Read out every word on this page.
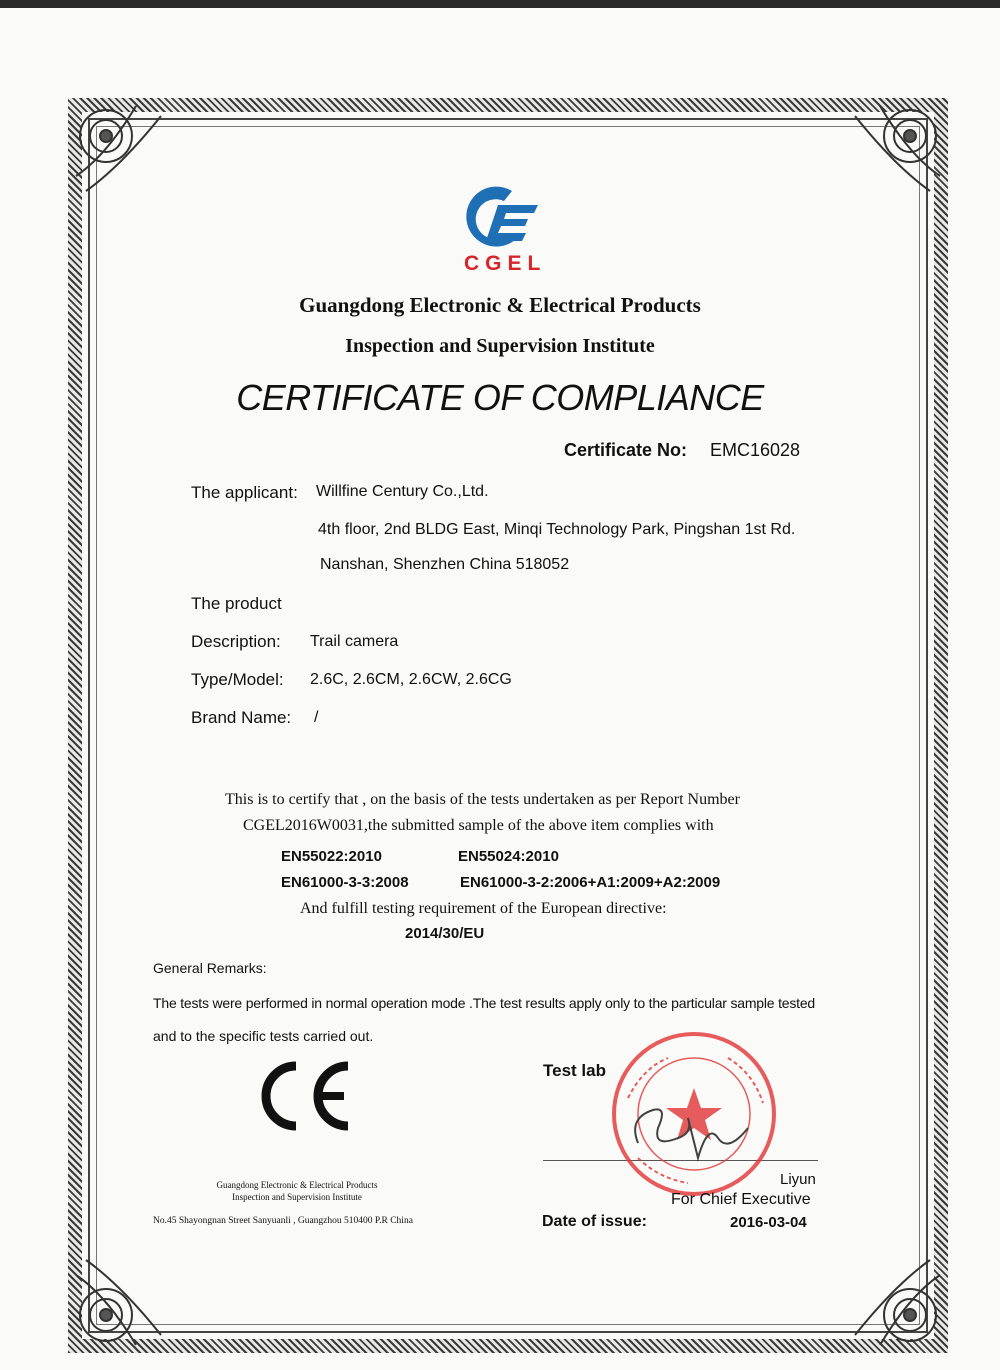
CGEL
Guangdong Electronic & Electrical Products
Inspection and Supervision Institute
CERTIFICATE OF COMPLIANCE
Certificate No: EMC16028
The applicant: Willfine Century Co.,Ltd.
4th floor, 2nd BLDG East, Minqi Technology Park, Pingshan 1st Rd.
Nanshan, Shenzhen China 518052
The product
Description: Trail camera
Type/Model: 2.6C, 2.6CM, 2.6CW, 2.6CG
Brand Name: /
This is to certify that , on the basis of the tests undertaken as per Report Number
CGEL2016W0031,the submitted sample of the above item complies with
EN55022:2010	EN55024:2010
EN61000-3-3:2008	EN61000-3-2:2006+A1:2009+A2:2009
And fulfill testing requirement of the European directive:
2014/30/EU
General Remarks:
The tests were performed in normal operation mode .The test results apply only to the particular sample tested
and to the specific tests carried out.
Guangdong Electronic & Electrical Products
Inspection and Supervision Institute
No.45 Shayongnan Street Sanyuanli , Guangzhou 510400 P.R China
Test lab
Liyun
For Chief Executive
Date of issue:	2016-03-04
